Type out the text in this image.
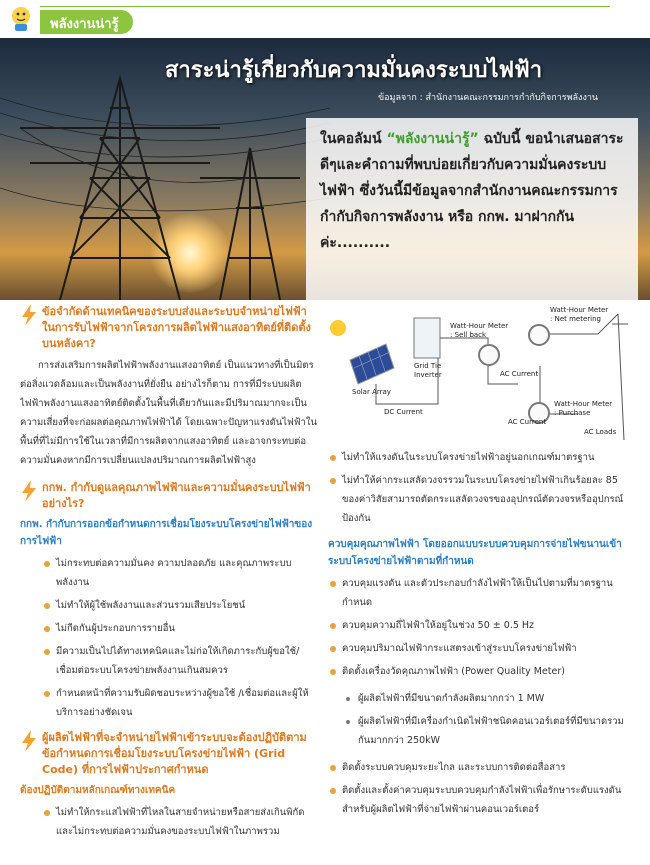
พลังงานน่ารู้
สาระน่ารู้เกี่ยวกับความมั่นคงระบบไฟฟ้า
ข้อมูลจาก : สำนักงานคณะกรรมการกำกับกิจการพลังงาน
ในคอลัมน์ “พลังงานน่ารู้” ฉบับนี้ ขอนำเสนอสาระดีๆและคำถามที่พบบ่อยเกี่ยวกับความมั่นคงระบบไฟฟ้า ซึ่งวันนี้มีข้อมูลจากสำนักงานคณะกรรมการกำกับกิจการพลังงาน หรือ กกพ. มาฝากกันค่ะ..........
ข้อจำกัดด้านเทคนิคของระบบส่งและระบบจำหน่ายไฟฟ้าในการรับไฟฟ้าจากโครงการผลิตไฟฟ้าแสงอาทิตย์ที่ติดตั้งบนหลังคา?

การส่งเสริมการผลิตไฟฟ้าพลังงานแสงอาทิตย์ เป็นแนวทางที่เป็นมิตรต่อสิ่งแวดล้อมและเป็นพลังงานที่ยั่งยืน อย่างไรก็ตาม การที่มีระบบผลิตไฟฟ้าพลังงานแสงอาทิตย์ติดตั้งในพื้นที่เดียวกันและมีปริมาณมากจะเป็นความเสี่ยงที่จะก่อผลต่อคุณภาพไฟฟ้าได้ โดยเฉพาะปัญหาแรงดันไฟฟ้าในพื้นที่ที่ไม่มีการใช้ในเวลาที่มีการผลิตจากแสงอาทิตย์ และอาจกระทบต่อความมั่นคงหากมีการเปลี่ยนแปลงปริมาณการผลิตไฟฟ้าสูง

กกพ. กำกับดูแลคุณภาพไฟฟ้าและความมั่นคงระบบไฟฟ้าอย่างไร?
กกพ. กำกับการออกข้อกำหนดการเชื่อมโยงระบบโครงข่ายไฟฟ้าของการไฟฟ้า
ไม่กระทบต่อความมั่นคง ความปลอดภัย และคุณภาพระบบพลังงาน
ไม่ทำให้ผู้ใช้พลังงานและส่วนรวมเสียประโยชน์
ไม่กีดกันผู้ประกอบการรายอื่น
มีความเป็นไปได้ทางเทคนิคและไม่ก่อให้เกิดภาระกับผู้ขอใช้/เชื่อมต่อระบบโครงข่ายพลังงานเกินสมควร
กำหนดหน้าที่ความรับผิดชอบระหว่างผู้ขอใช้ /เชื่อมต่อและผู้ให้บริการอย่างชัดเจน
ผู้ผลิตไฟฟ้าที่จะจำหน่ายไฟฟ้าเข้าระบบจะต้องปฏิบัติตามข้อกำหนดการเชื่อมโยงระบบโครงข่ายไฟฟ้า (Grid Code) ที่การไฟฟ้าประกาศกำหนด
ต้องปฏิบัติตามหลักเกณฑ์ทางเทคนิค
ไม่ทำให้กระแสไฟฟ้าที่ไหลในสายจำหน่ายหรือสายส่งเกินพิกัดและไม่กระทบต่อความมั่นคงของระบบไฟฟ้าในภาพรวม
Solar Array
Grid Tie Inverter
DC Current
AC Current
AC Current
Watt-Hour Meter
: Sell back
Watt-Hour Meter
: Net metering
Watt-Hour Meter
: Purchase
AC Loads
ไม่ทำให้แรงดันในระบบโครงข่ายไฟฟ้าอยู่นอกเกณฑ์มาตรฐาน
ไม่ทำให้ค่ากระแสลัดวงจรรวมในระบบโครงข่ายไฟฟ้าเกินร้อยละ 85 ของค่าวิสัยสามารถตัดกระแสลัดวงจรของอุปกรณ์ตัดวงจรหรืออุปกรณ์ป้องกัน
ควบคุมคุณภาพไฟฟ้า โดยออกแบบระบบควบคุมการจ่ายไฟขนานเข้าระบบโครงข่ายไฟฟ้าตามที่กำหนด
ควบคุมแรงดัน และตัวประกอบกำลังไฟฟ้าให้เป็นไปตามที่มาตรฐานกำหนด
ควบคุมความถี่ไฟฟ้าให้อยู่ในช่วง 50 ± 0.5 Hz
ควบคุมปริมาณไฟฟ้ากระแสตรงเข้าสู่ระบบโครงข่ายไฟฟ้า
ติดตั้งเครื่องวัดคุณภาพไฟฟ้า (Power Quality Meter)
ผู้ผลิตไฟฟ้าที่มีขนาดกำลังผลิตมากกว่า 1 MW
ผู้ผลิตไฟฟ้าที่มีเครื่องกำเนิดไฟฟ้าชนิดคอนเวอร์เตอร์ที่มีขนาดรวมกันมากกว่า 250kW
ติดตั้งระบบควบคุมระยะไกล และระบบการติดต่อสื่อสาร
ติดตั้งและตั้งค่าควบคุมระบบควบคุมกำลังไฟฟ้าเพื่อรักษาระดับแรงดัน สำหรับผู้ผลิตไฟฟ้าที่จ่ายไฟฟ้าผ่านคอนเวอร์เตอร์
